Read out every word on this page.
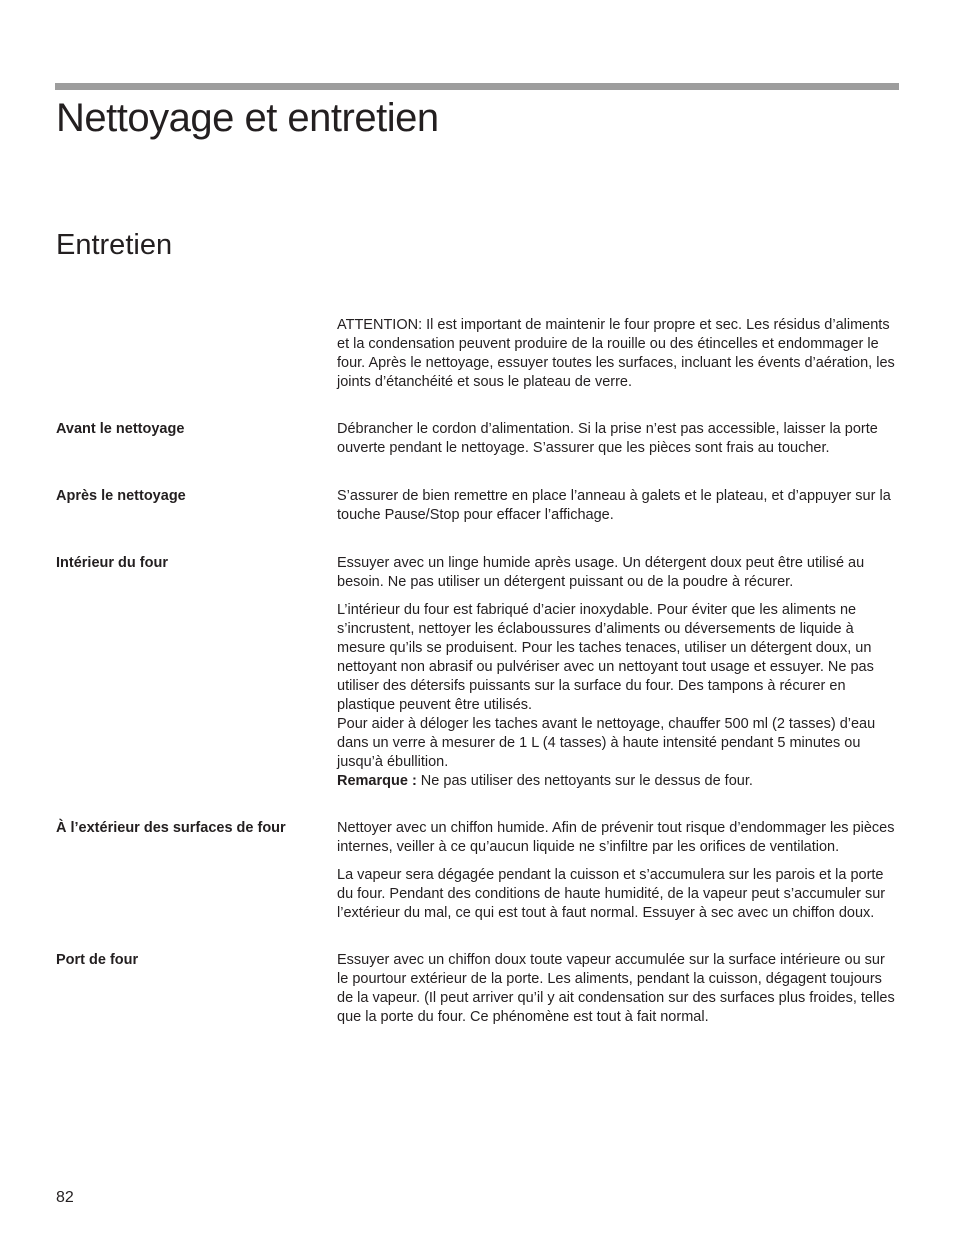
Nettoyage et entretien
Entretien

ATTENTION: Il est important de maintenir le four propre et sec. Les résidus d’aliments et la condensation peuvent produire de la rouille ou des étincelles et endommager le four. Après le nettoyage, essuyer toutes les surfaces, incluant les évents d’aération, les joints d’étanchéité et sous le plateau de verre.

Avant le nettoyage	Débrancher le cordon d’alimentation. Si la prise n’est pas accessible, laisser la porte ouverte pendant le nettoyage. S’assurer que les pièces sont frais au toucher.

Après le nettoyage	S’assurer de bien remettre en place l’anneau à galets et le plateau, et d’appuyer sur la touche Pause/Stop pour effacer l’affichage.

Intérieur du four	Essuyer avec un linge humide après usage. Un détergent doux peut être utilisé au besoin. Ne pas utiliser un détergent puissant ou de la poudre à récurer.

L’intérieur du four est fabriqué d’acier inoxydable. Pour éviter que les aliments ne s’incrustent, nettoyer les éclaboussures d’aliments ou déversements de liquide à mesure qu’ils se produisent. Pour les taches tenaces, utiliser un détergent doux, un nettoyant non abrasif ou pulvériser avec un nettoyant tout usage et essuyer. Ne pas utiliser des détersifs puissants sur la surface du four. Des tampons à récurer en plastique peuvent être utilisés.

Pour aider à déloger les taches avant le nettoyage, chauffer 500 ml (2 tasses) d’eau dans un verre à mesurer de 1 L (4 tasses) à haute intensité pendant 5 minutes ou jusqu’à ébullition.

Remarque : Ne pas utiliser des nettoyants sur le dessus de four.

À l’extérieur des surfaces de four	Nettoyer avec un chiffon humide. Afin de prévenir tout risque d’endommager les pièces internes, veiller à ce qu’aucun liquide ne s’infiltre par les orifices de ventilation.

La vapeur sera dégagée pendant la cuisson et s’accumulera sur les parois et la porte du four. Pendant des conditions de haute humidité, de la vapeur peut s’accumuler sur l’extérieur du mal, ce qui est tout à faut normal. Essuyer à sec avec un chiffon doux.

Port de four	Essuyer avec un chiffon doux toute vapeur accumulée sur la surface intérieure ou sur le pourtour extérieur de la porte. Les aliments, pendant la cuisson, dégagent toujours de la vapeur. (Il peut arriver qu’il y ait condensation sur des surfaces plus froides, telles que la porte du four. Ce phénomène est tout à fait normal.

82
